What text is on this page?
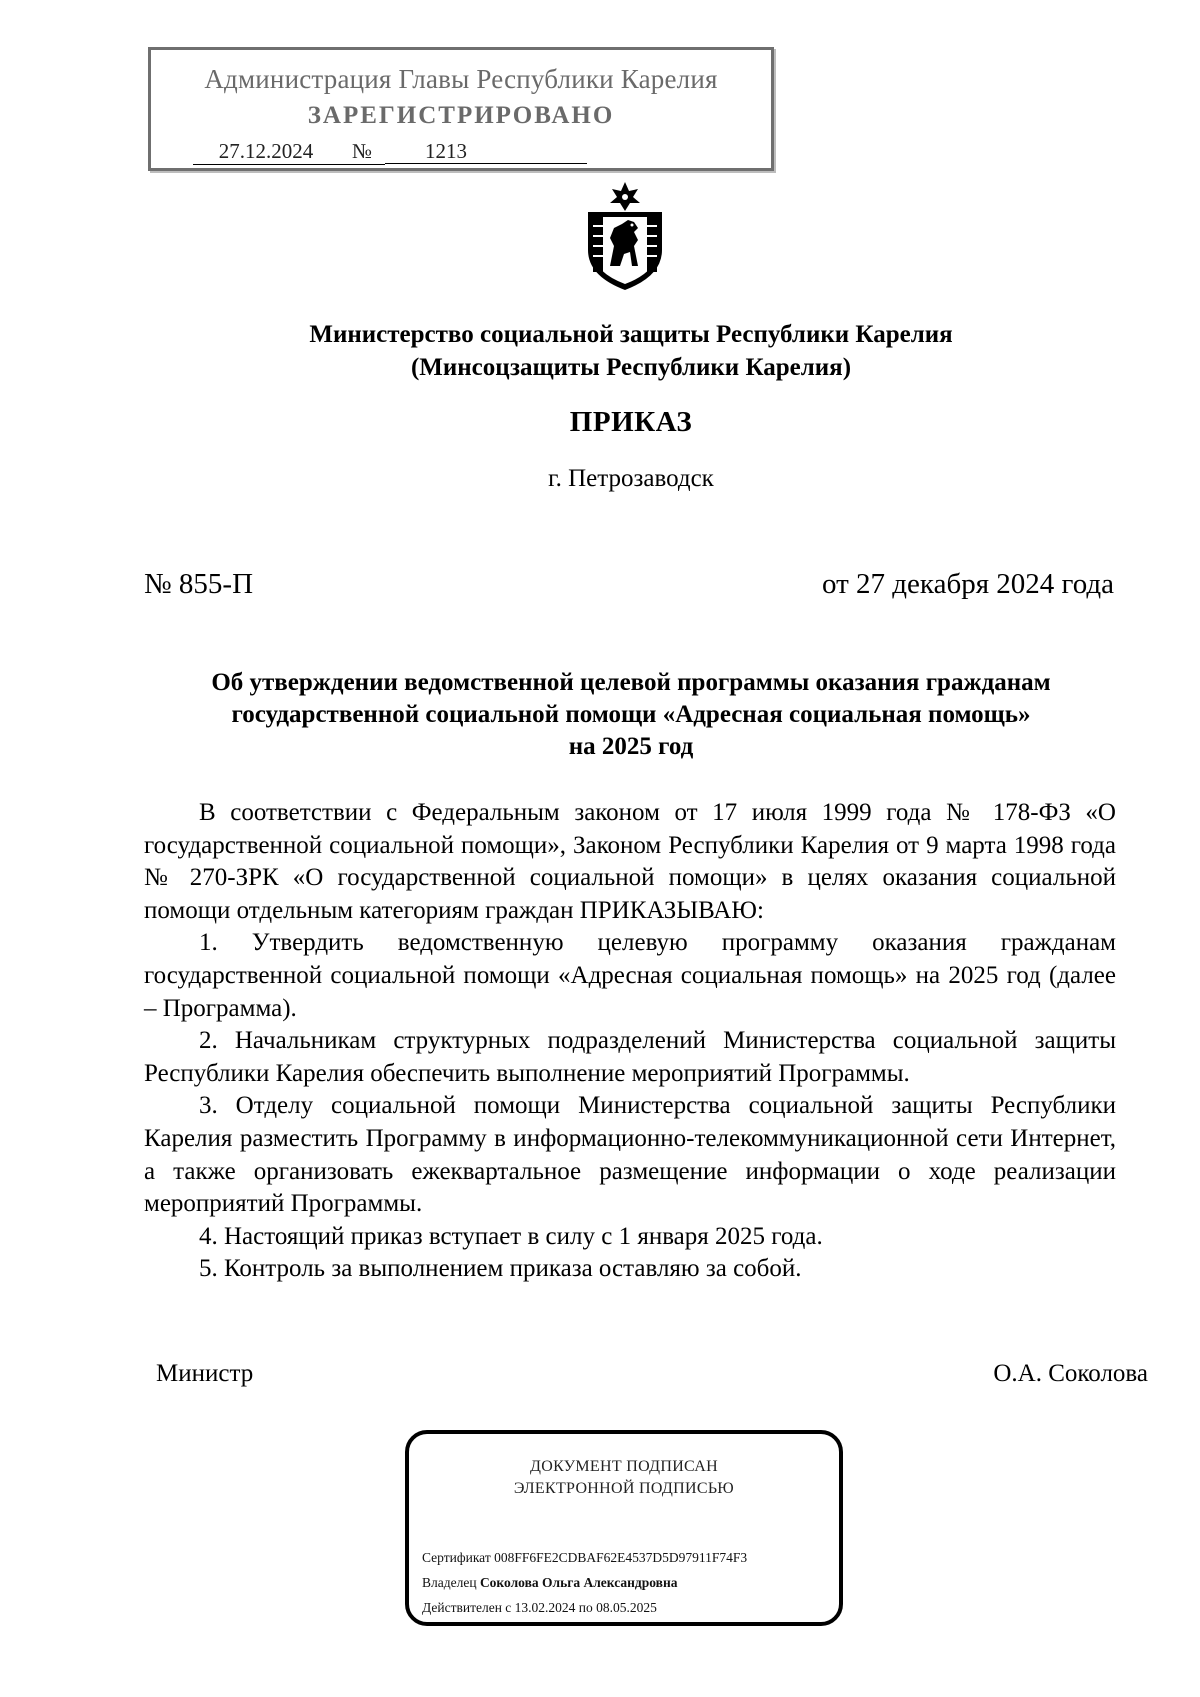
Администрация Главы Республики Карелия
ЗАРЕГИСТРИРОВАНО
27.12.2024	№	1213
Министерство социальной защиты Республики Карелия
(Минсоцзащиты Республики Карелия)
ПРИКАЗ
г. Петрозаводск
№ 855-П	от 27 декабря 2024 года
Об утверждении ведомственной целевой программы оказания гражданам
государственной социальной помощи «Адресная социальная помощь»
на 2025 год

В соответствии с Федеральным законом от 17 июля 1999 года № 178-ФЗ «О государственной социальной помощи», Законом Республики Карелия от 9 марта 1998 года № 270-ЗРК «О государственной социальной помощи» в целях оказания социальной помощи отдельным категориям граждан ПРИКАЗЫВАЮ:

1. Утвердить ведомственную целевую программу оказания гражданам государственной социальной помощи «Адресная социальная помощь» на 2025 год (далее – Программа).

2. Начальникам структурных подразделений Министерства социальной защиты Республики Карелия обеспечить выполнение мероприятий Программы.

3. Отделу социальной помощи Министерства социальной защиты Республики Карелия разместить Программу в информационно-телекоммуникационной сети Интернет, а также организовать ежеквартальное размещение информации о ходе реализации мероприятий Программы.

4. Настоящий приказ вступает в силу с 1 января 2025 года.

5. Контроль за выполнением приказа оставляю за собой.

Министр	О.А. Соколова
ДОКУМЕНТ ПОДПИСАН
ЭЛЕКТРОННОЙ ПОДПИСЬЮ
Сертификат 008FF6FE2CDBAF62E4537D5D97911F74F3
Владелец Соколова Ольга Александровна
Действителен с 13.02.2024 по 08.05.2025
